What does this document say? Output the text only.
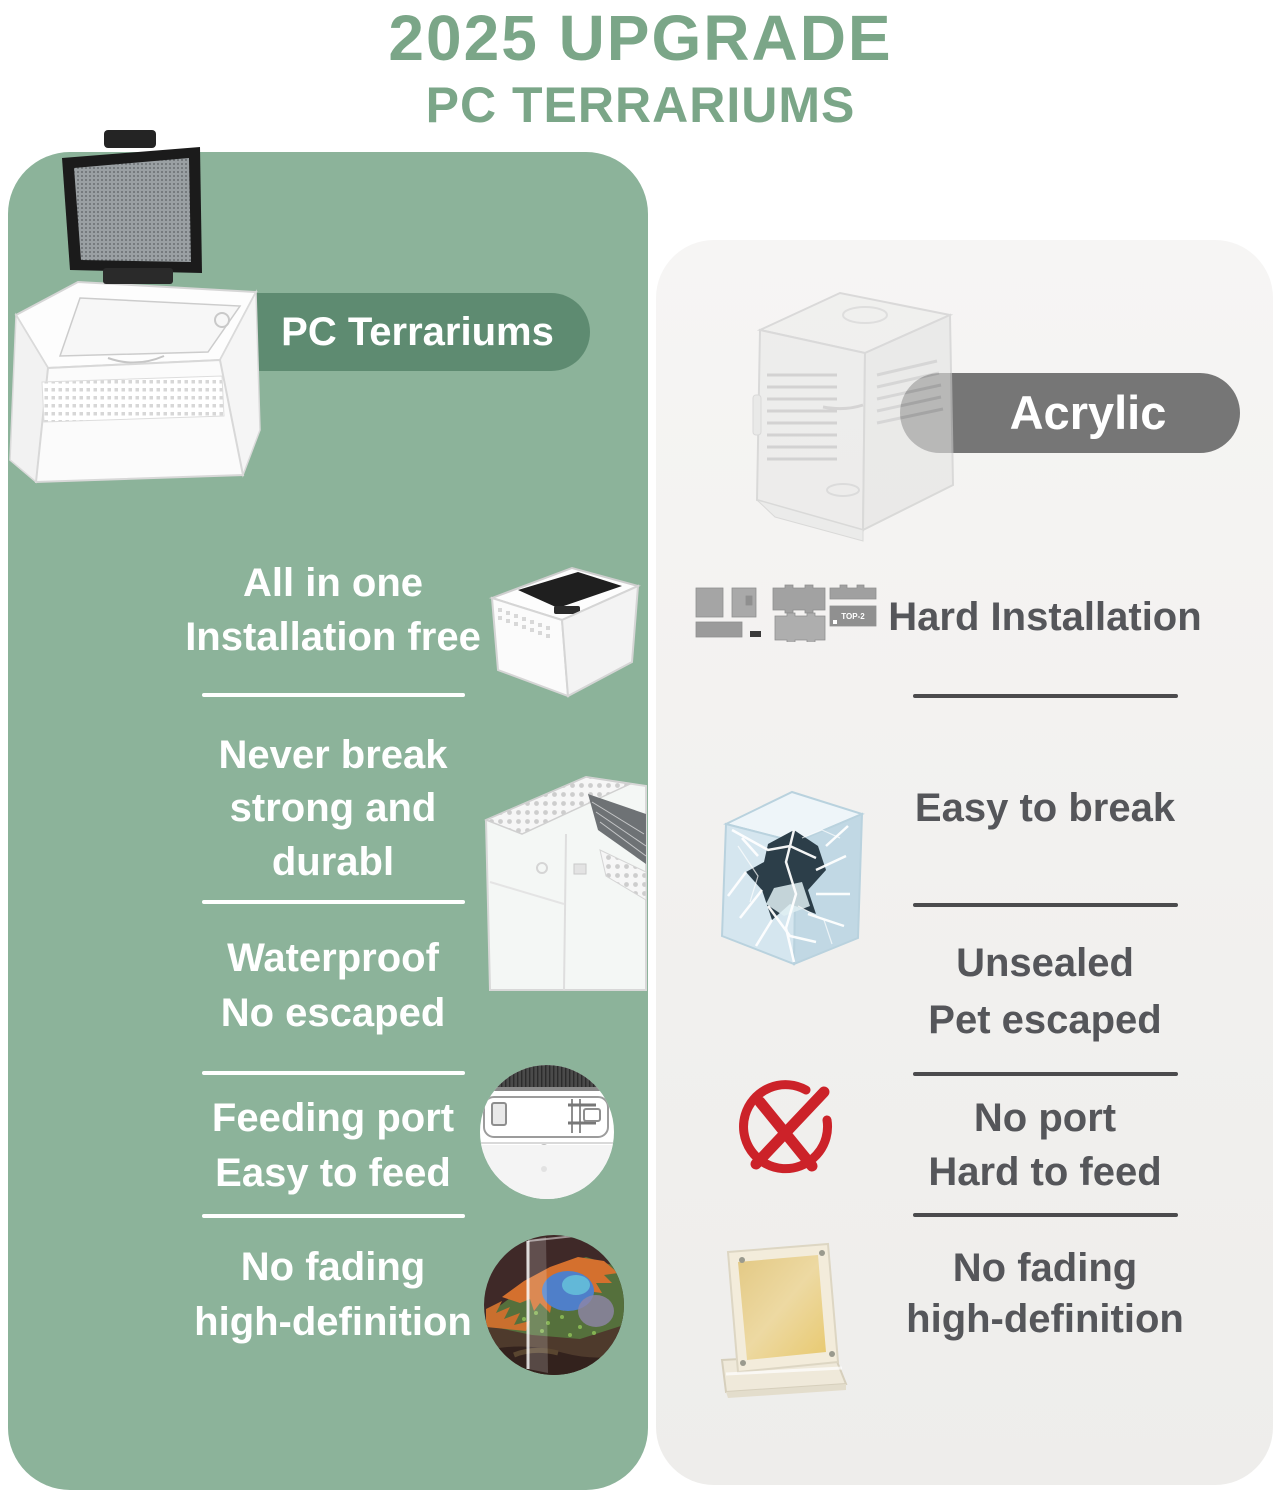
2025 UPGRADE
PC TERRARIUMS
PC Terrariums
Acrylic
All in one
Installation free
Never break
strong and
durabl
Waterproof
No escaped
Feeding port
Easy to feed
No fading
high-definition
Hard Installation
Easy to break
Unsealed
Pet escaped
No port
Hard to feed
No fading
high-definition
TOP-2
